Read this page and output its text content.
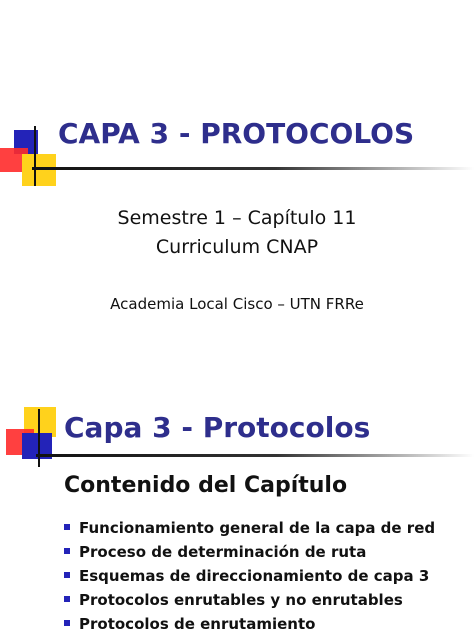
CAPA 3 - PROTOCOLOS
Semestre 1 – Capítulo 11
Curriculum CNAP
Academia Local Cisco – UTN FRRe
Capa 3 - Protocolos
Contenido del Capítulo
Funcionamiento general de la capa de red
Proceso de determinación de ruta
Esquemas de direccionamiento de capa 3
Protocolos enrutables y no enrutables
Protocolos de enrutamiento
